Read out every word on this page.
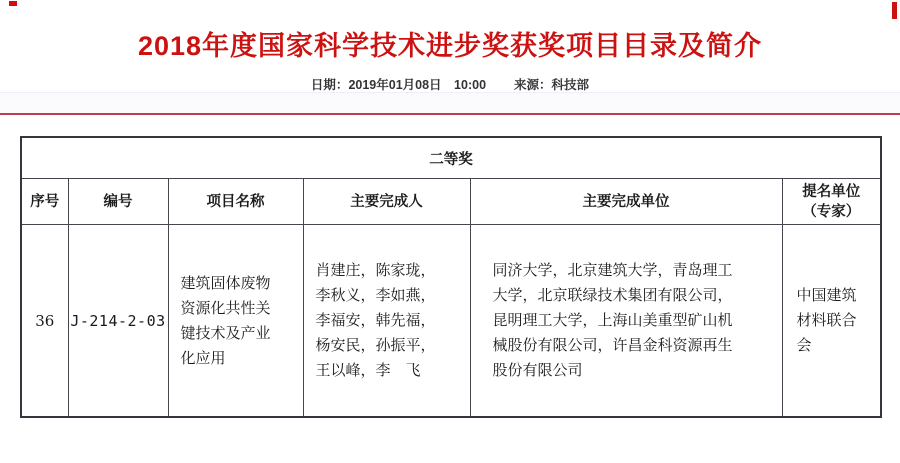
2018年度国家科学技术进步奖获奖项目目录及简介
日期：2019年01月08日　10:00 来源：科技部
二等奖					
序号	编号	项目名称	主要完成人	主要完成单位	提名单位
（专家）
36	J-214-2-03	建筑固体废物
资源化共性关
键技术及产业
化应用	肖建庄，陈家珑，
李秋义，李如燕，
李福安，韩先福，
杨安民，孙振平，
王以峰，李　飞	同济大学，北京建筑大学，青岛理工
大学，北京联绿技术集团有限公司，
昆明理工大学，上海山美重型矿山机
械股份有限公司，许昌金科资源再生
股份有限公司	中国建筑
材料联合
会
